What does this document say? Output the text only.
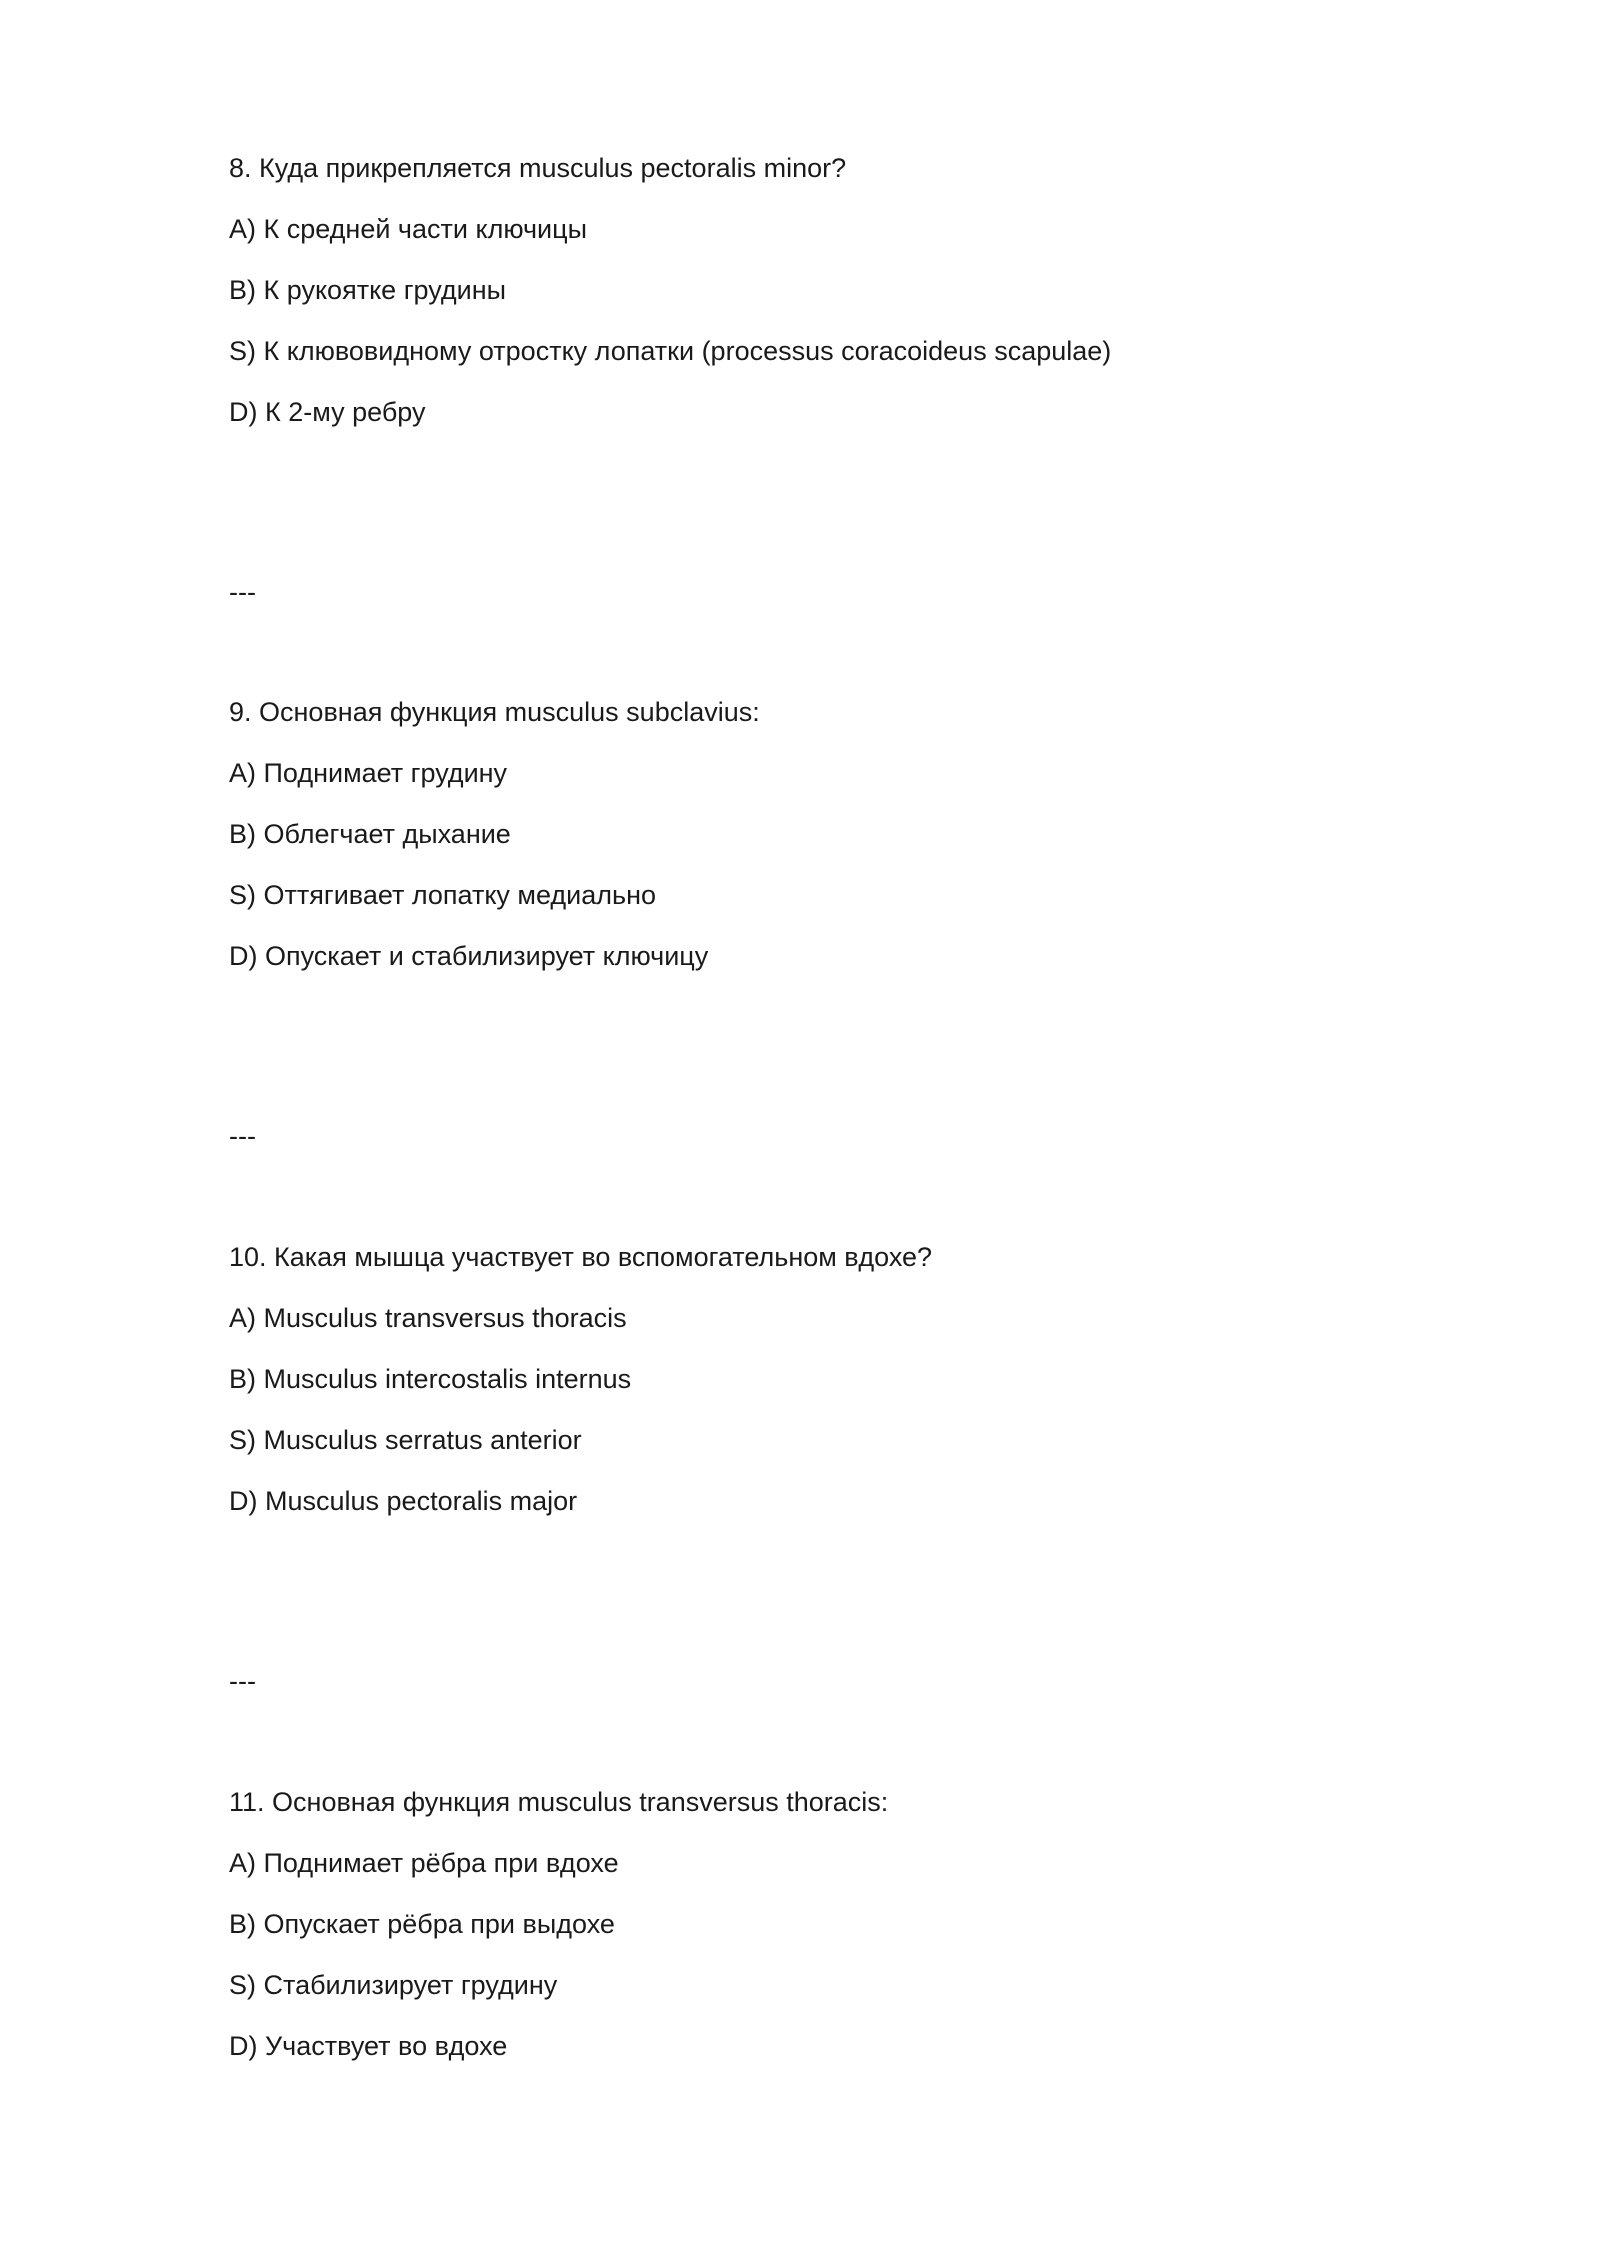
8. Куда прикрепляется musculus pectoralis minor?
A) К средней части ключицы
B) К рукоятке грудины
S) К клювовидному отростку лопатки (processus coracoideus scapulae)
D) К 2-му ребру
---
9. Основная функция musculus subclavius:
A) Поднимает грудину
B) Облегчает дыхание
S) Оттягивает лопатку медиально
D) Опускает и стабилизирует ключицу
---
10. Какая мышца участвует во вспомогательном вдохе?
A) Musculus transversus thoracis
B) Musculus intercostalis internus
S) Musculus serratus anterior
D) Musculus pectoralis major
---
11. Основная функция musculus transversus thoracis:
A) Поднимает рёбра при вдохе
B) Опускает рёбра при выдохе
S) Стабилизирует грудину
D) Участвует во вдохе
